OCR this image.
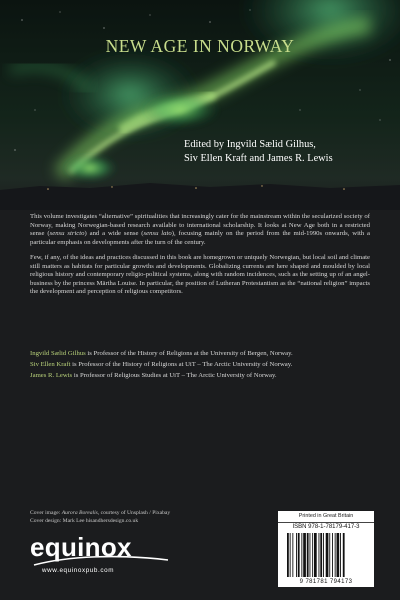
NEW AGE IN NORWAY
Edited by Ingvild Sælid Gilhus,
Siv Ellen Kraft and James R. Lewis

This volume investigates “alternative” spiritualities that increasingly cater for the mainstream within the secularized society of Norway, making Norwegian-based research available to international scholarship. It looks at New Age both in a restricted sense (sensu stricto) and a wide sense (sensu lato), focusing mainly on the period from the mid-1990s onwards, with a particular emphasis on developments after the turn of the century.

Few, if any, of the ideas and practices discussed in this book are homegrown or uniquely Norwegian, but local soil and climate still matters as habitats for particular growths and developments. Globalizing currents are here shaped and moulded by local religious history and contemporary religio-political systems, along with random incidences, such as the setting up of an angel-business by the princess Märtha Louise. In particular, the position of Lutheran Protestantism as the “national religion” impacts the development and perception of religious competitors.

Ingvild Sælid Gilhus is Professor of the History of Religions at the University of Bergen, Norway.
Siv Ellen Kraft is Professor of the History of Religions at UiT – The Arctic University of Norway.
James R. Lewis is Professor of Religious Studies at UiT – The Arctic University of Norway.
Cover image: Aurora Borealis, courtesy of Unsplash / Pixabay
Cover design: Mark Lee hisandhersdesign.co.uk
equinox
www.equinoxpub.com
Printed in Great Britain
ISBN 978-1-78179-417-3
9 781781 794173
